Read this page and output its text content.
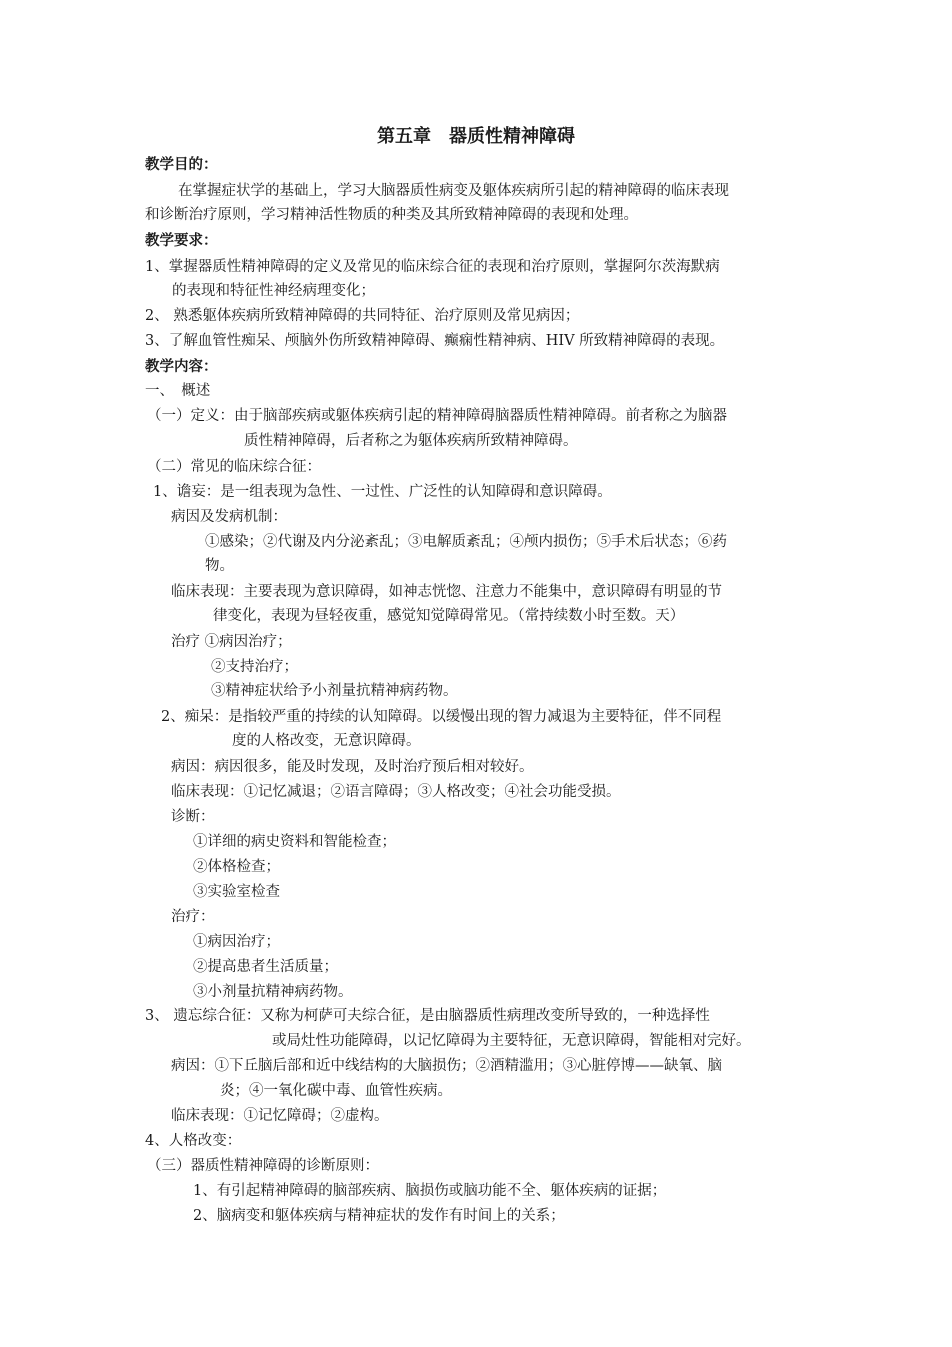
第五章　器质性精神障碍
教学目的：
在掌握症状学的基础上，学习大脑器质性病变及躯体疾病所引起的精神障碍的临床表现
和诊断治疗原则，学习精神活性物质的种类及其所致精神障碍的表现和处理。
教学要求：
1、掌握器质性精神障碍的定义及常见的临床综合征的表现和治疗原则，掌握阿尔茨海默病
的表现和特征性神经病理变化；
2、 熟悉躯体疾病所致精神障碍的共同特征、治疗原则及常见病因；
3、了解血管性痴呆、颅脑外伤所致精神障碍、癫痫性精神病、HIV 所致精神障碍的表现。
教学内容：
一、　概述
（一）定义：由于脑部疾病或躯体疾病引起的精神障碍脑器质性精神障碍。前者称之为脑器
质性精神障碍，后者称之为躯体疾病所致精神障碍。
（二）常见的临床综合征：
1、谵妄：是一组表现为急性、一过性、广泛性的认知障碍和意识障碍。
病因及发病机制：
①感染；②代谢及内分泌紊乱；③电解质紊乱；④颅内损伤；⑤手术后状态；⑥药
物。
临床表现：主要表现为意识障碍，如神志恍惚、注意力不能集中，意识障碍有明显的节
律变化，表现为昼轻夜重，感觉知觉障碍常见。（常持续数小时至数。天）
治疗 ①病因治疗；
②支持治疗；
③精神症状给予小剂量抗精神病药物。
2、痴呆：是指较严重的持续的认知障碍。以缓慢出现的智力减退为主要特征，伴不同程
度的人格改变，无意识障碍。
病因：病因很多，能及时发现，及时治疗预后相对较好。
临床表现：①记忆减退；②语言障碍；③人格改变；④社会功能受损。
诊断：
①详细的病史资料和智能检查；
②体格检查；
③实验室检查
治疗：
①病因治疗；
②提高患者生活质量；
③小剂量抗精神病药物。
3、 遗忘综合征：又称为柯萨可夫综合征，是由脑器质性病理改变所导致的，一种选择性
或局灶性功能障碍，以记忆障碍为主要特征，无意识障碍，智能相对完好。
病因：①下丘脑后部和近中线结构的大脑损伤；②酒精滥用；③心脏停博——缺氧、脑
炎；④一氧化碳中毒、血管性疾病。
临床表现：①记忆障碍；②虚构。
4、人格改变：
（三）器质性精神障碍的诊断原则：
1、有引起精神障碍的脑部疾病、脑损伤或脑功能不全、躯体疾病的证据；
2、脑病变和躯体疾病与精神症状的发作有时间上的关系；
